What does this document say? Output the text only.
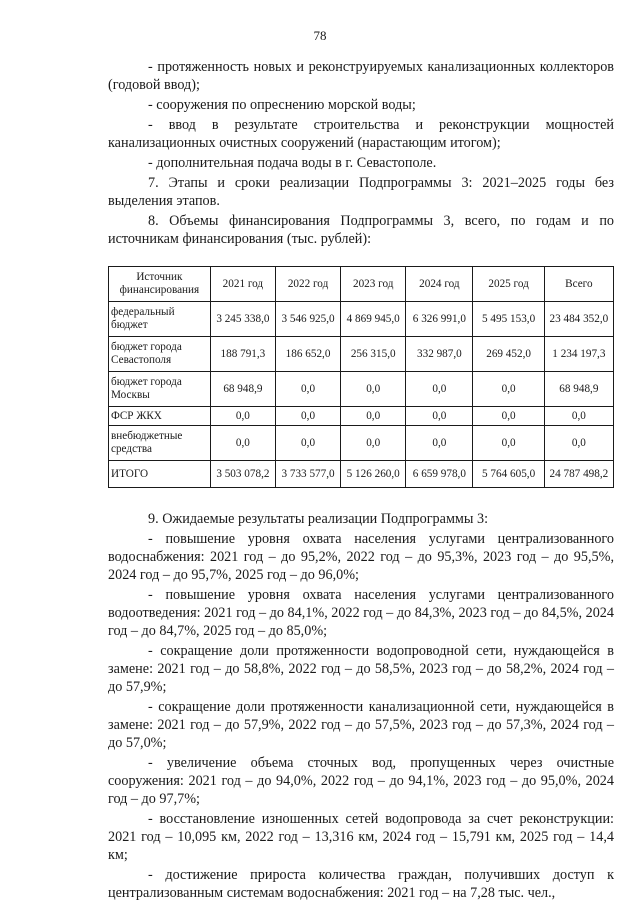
78

- протяженность новых и реконструируемых канализационных коллекторов (годовой ввод);

- сооружения по опреснению морской воды;

- ввод в результате строительства и реконструкции мощностей канализационных очистных сооружений (нарастающим итогом);

- дополнительная подача воды в г. Севастополе.

7. Этапы и сроки реализации Подпрограммы 3: 2021–2025 годы без выделения этапов.

8. Объемы финансирования Подпрограммы 3, всего, по годам и по источникам финансирования (тыс. рублей):

Источник финансирования	2021 год	2022 год	2023 год	2024 год	2025 год	Всего
федеральный бюджет	3 245 338,0	3 546 925,0	4 869 945,0	6 326 991,0	5 495 153,0	23 484 352,0
бюджет города Севастополя	188 791,3	186 652,0	256 315,0	332 987,0	269 452,0	1 234 197,3
бюджет города Москвы	68 948,9	0,0	0,0	0,0	0,0	68 948,9
ФСР ЖКХ	0,0	0,0	0,0	0,0	0,0	0,0
внебюджетные средства	0,0	0,0	0,0	0,0	0,0	0,0
ИТОГО	3 503 078,2	3 733 577,0	5 126 260,0	6 659 978,0	5 764 605,0	24 787 498,2

9. Ожидаемые результаты реализации Подпрограммы 3:

- повышение уровня охвата населения услугами централизованного водоснабжения: 2021 год – до 95,2%, 2022 год – до 95,3%, 2023 год – до 95,5%, 2024 год – до 95,7%, 2025 год – до 96,0%;

- повышение уровня охвата населения услугами централизованного водоотведения: 2021 год – до 84,1%, 2022 год – до 84,3%, 2023 год – до 84,5%, 2024 год – до 84,7%, 2025 год – до 85,0%;

- сокращение доли протяженности водопроводной сети, нуждающейся в замене: 2021 год – до 58,8%, 2022 год – до 58,5%, 2023 год – до 58,2%, 2024 год – до 57,9%;

- сокращение доли протяженности канализационной сети, нуждающейся в замене: 2021 год – до 57,9%, 2022 год – до 57,5%, 2023 год – до 57,3%, 2024 год – до 57,0%;

- увеличение объема сточных вод, пропущенных через очистные сооружения: 2021 год – до 94,0%, 2022 год – до 94,1%, 2023 год – до 95,0%, 2024 год – до 97,7%;

- восстановление изношенных сетей водопровода за счет реконструкции: 2021 год – 10,095 км, 2022 год – 13,316 км, 2024 год – 15,791 км, 2025 год – 14,4 км;

- достижение прироста количества граждан, получивших доступ к централизованным системам водоснабжения: 2021 год – на 7,28 тыс. чел.,
